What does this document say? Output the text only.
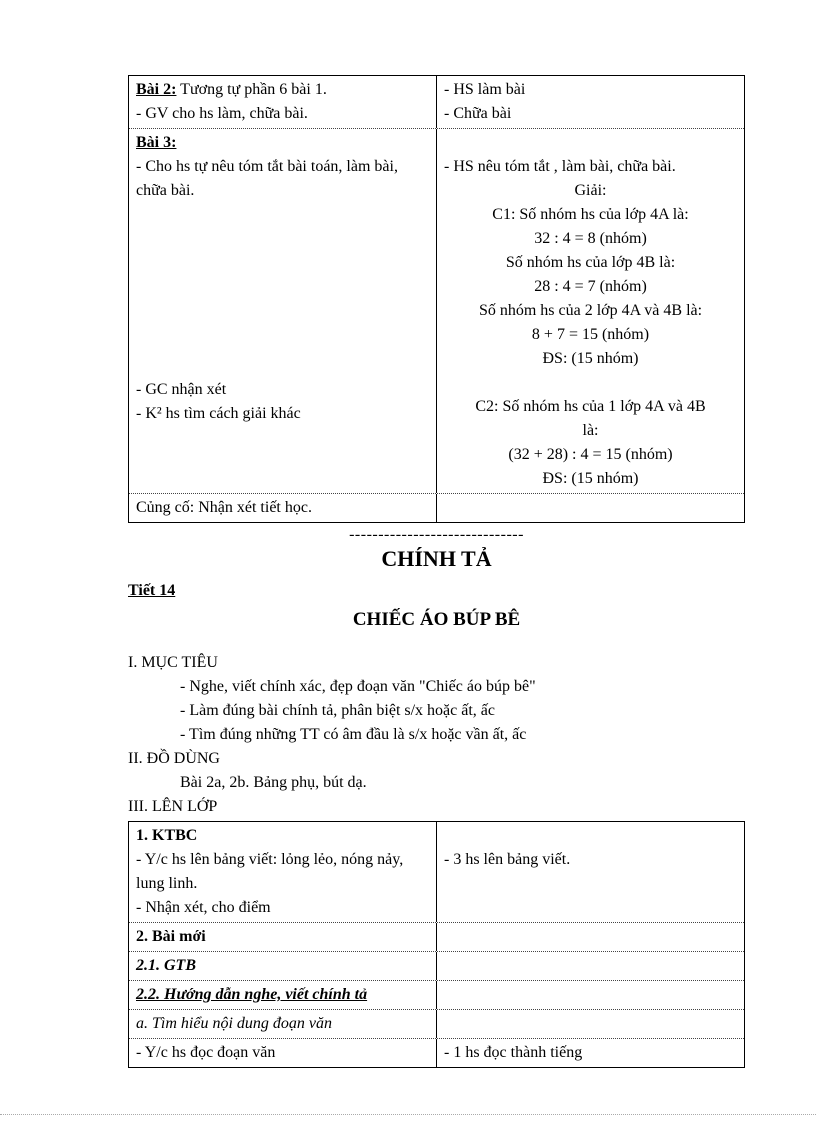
Bài 2: Tương tự phần 6 bài 1.
- GV cho hs làm, chữa bài.
- HS làm bài
- Chữa bài
Bài 3:
- Cho hs tự nêu tóm tắt bài toán, làm bài, chữa bài.
- GC nhận xét
- K² hs tìm cách giải khác
- HS nêu tóm tắt , làm bài, chữa bài.
Giải:
C1: Số nhóm hs của lớp 4A là:
32 : 4 = 8 (nhóm)
Số nhóm hs của lớp 4B là:
28 : 4 = 7 (nhóm)
Số nhóm hs của 2 lớp 4A và 4B là:
8 + 7 = 15 (nhóm)
ĐS: (15 nhóm)
C2: Số nhóm hs của 1 lớp 4A và 4B
là:
(32 + 28) : 4 = 15 (nhóm)
ĐS: (15 nhóm)
Củng cố: Nhận xét tiết học.
------------------------------
CHÍNH TẢ
Tiết 14
CHIẾC ÁO BÚP BÊ
I. MỤC TIÊU
- Nghe, viết chính xác, đẹp đoạn văn "Chiếc áo búp bê"
- Làm đúng bài chính tả, phân biệt s/x hoặc ất, ấc
- Tìm đúng những TT có âm đầu là s/x hoặc vần ất, ấc
II. ĐỒ DÙNG
Bài 2a, 2b. Bảng phụ, bút dạ.
III. LÊN LỚP
1. KTBC
- Y/c hs lên bảng viết: lỏng lẻo, nóng nảy, lung linh.
- Nhận xét, cho điểm
- 3 hs lên bảng viết.
2. Bài mới
2.1. GTB
2.2. Hướng dẫn nghe, viết chính tả
a. Tìm hiểu nội dung đoạn văn
- Y/c hs đọc đoạn văn	- 1 hs đọc thành tiếng
